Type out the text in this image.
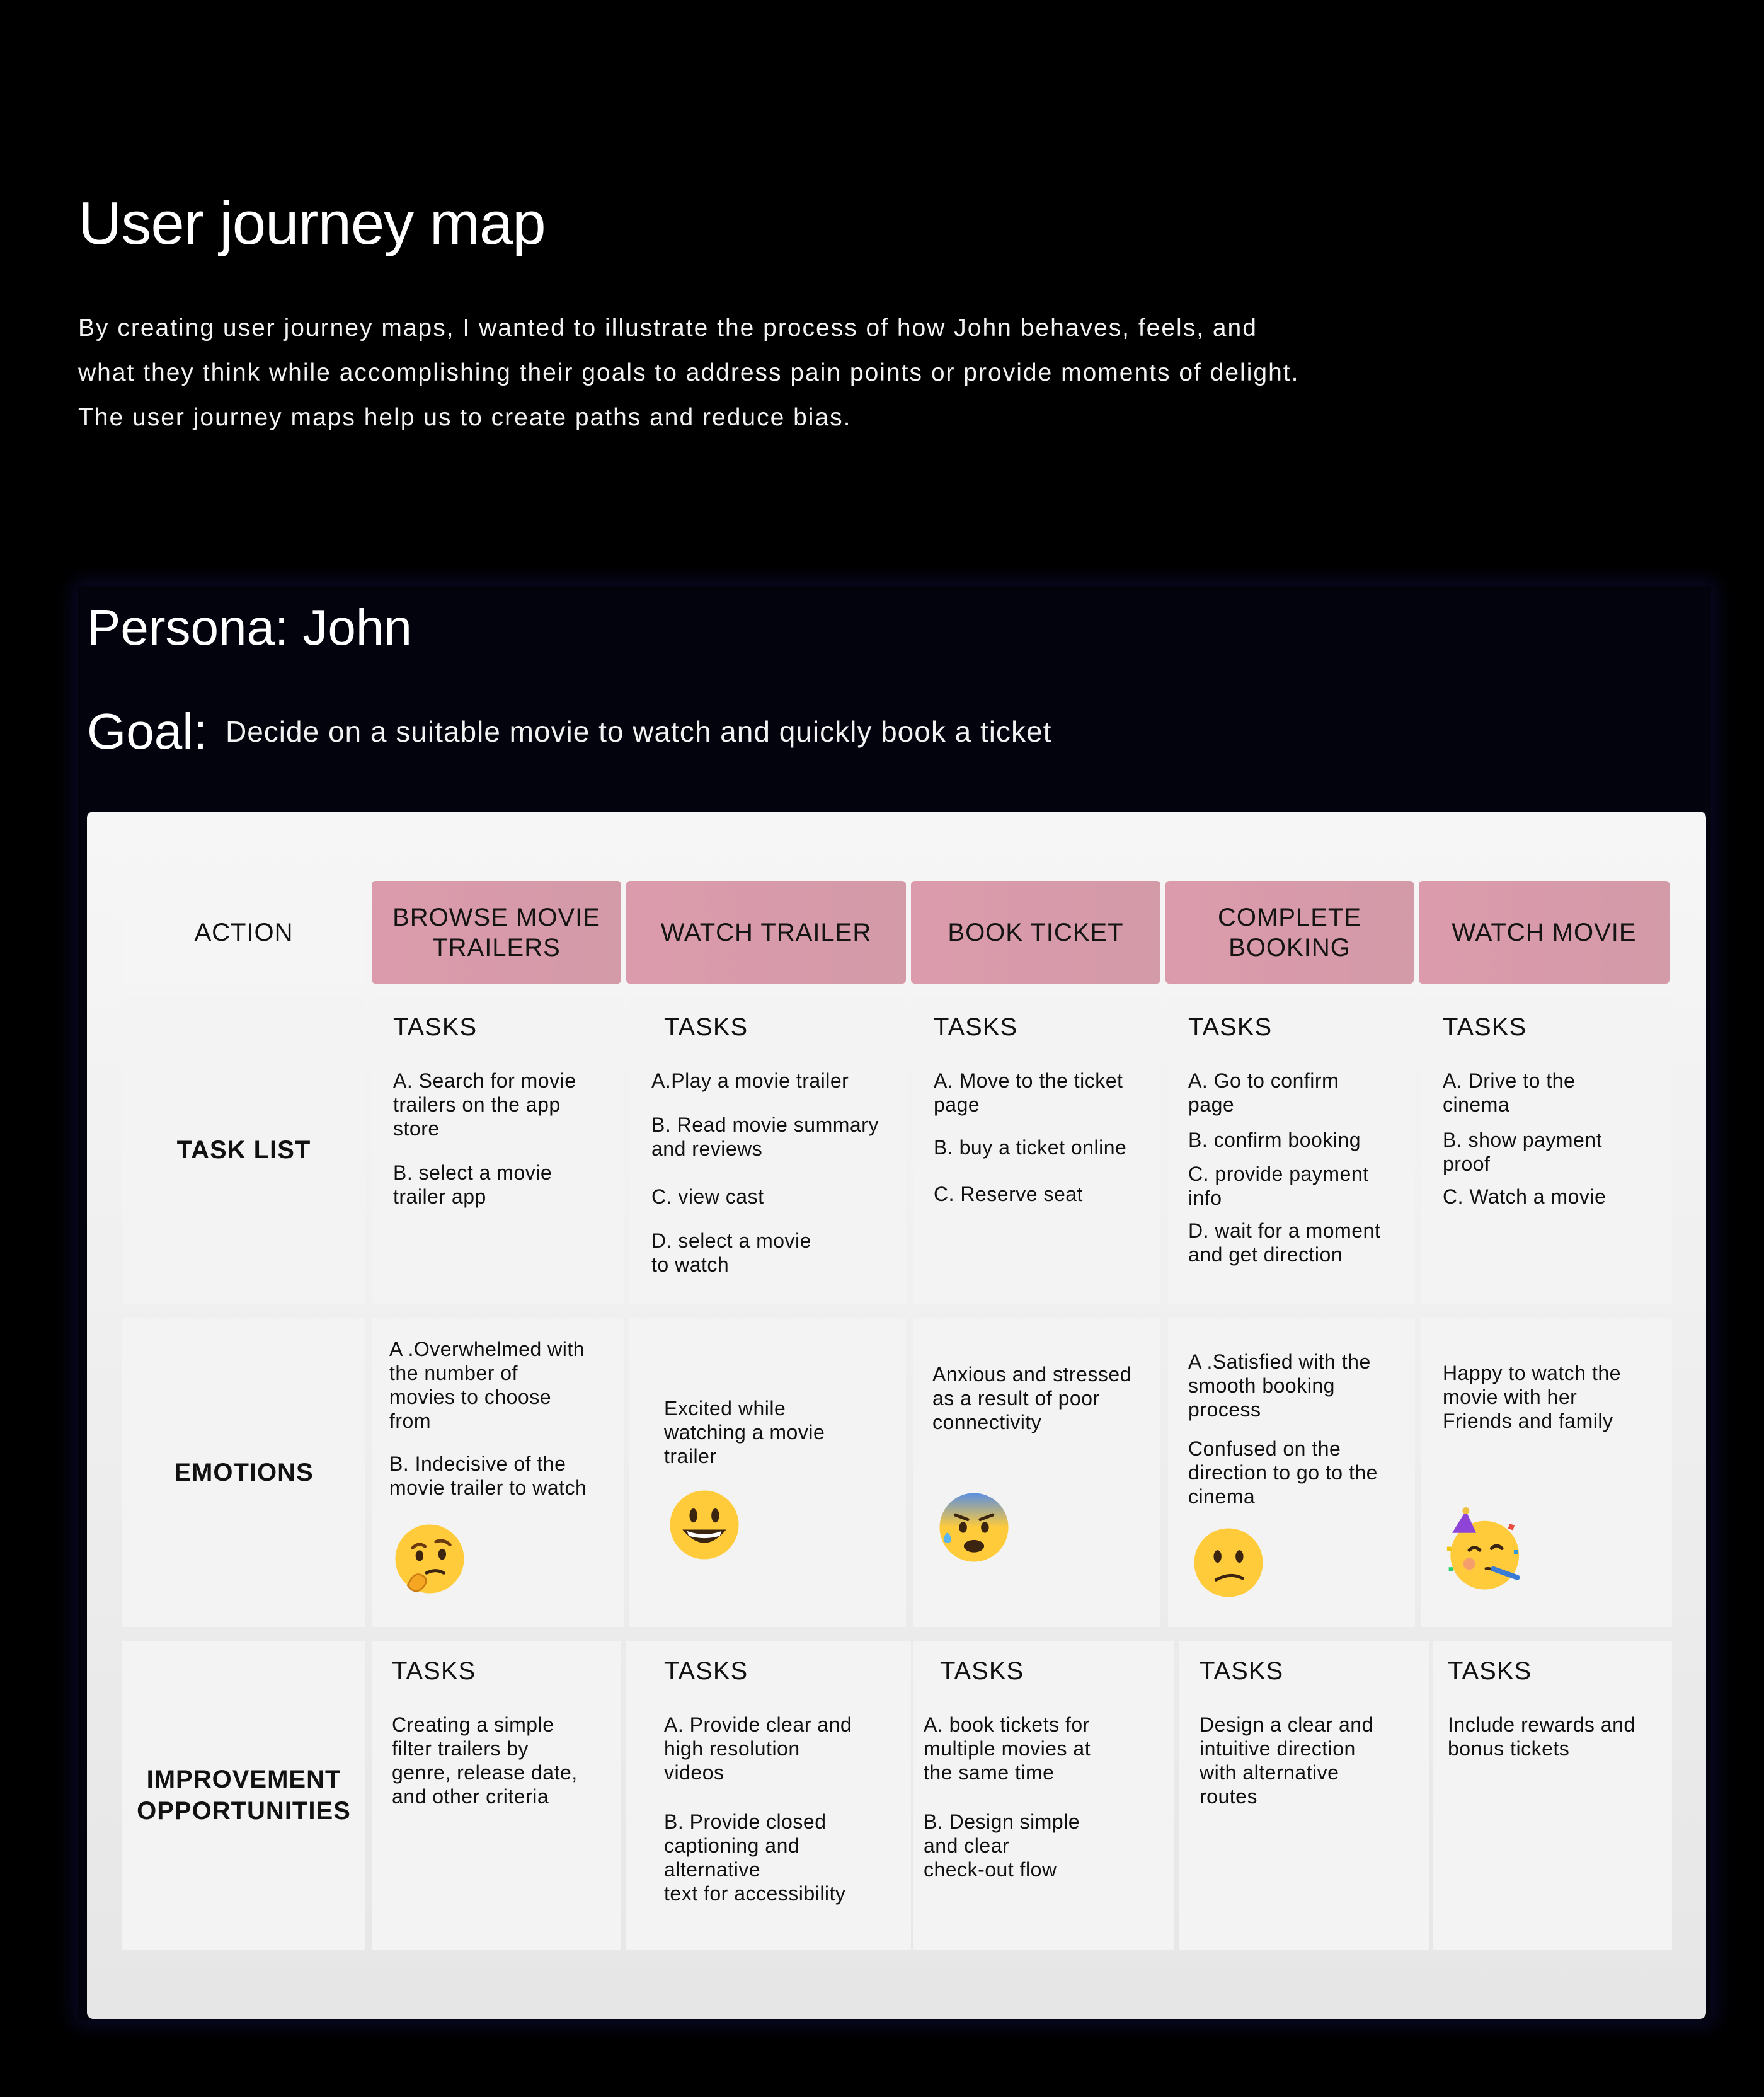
User journey map

By creating user journey maps, I wanted to illustrate the process of how John behaves, feels, and what they think while accomplishing their goals to address pain points or provide moments of delight. The user journey maps help us to create paths and reduce bias.

Persona: John
Goal: Decide on a suitable movie to watch and quickly book a ticket
ACTION
BROWSE MOVIE
TRAILERS
WATCH TRAILER	BOOK TICKET
COMPLETE
BOOKING
WATCH MOVIE
TASK LIST
TASKS
A. Search for movie
trailers on the app
store
B. select a movie
trailer app
TASKS
A.Play a movie trailer
B. Read movie summary
and reviews
C. view cast
D. select a movie
to watch
TASKS
A. Move to the ticket
page
B. buy a ticket online
C. Reserve seat
TASKS
A. Go to confirm
page
B. confirm booking
C. provide payment
info
D. wait for a moment
and get direction
TASKS
A. Drive to the
cinema
B. show payment
proof
C. Watch a movie
EMOTIONS
A .Overwhelmed with
the number of
movies to choose
from
B. Indecisive of the
movie trailer to watch
Excited while
watching a movie
trailer
Anxious and stressed
as a result of poor
connectivity
A .Satisfied with the
smooth booking
process
Confused on the
direction to go to the
cinema
Happy to watch the
movie with her
Friends and family
IMPROVEMENT
OPPORTUNITIES
TASKS
Creating a simple
filter trailers by
genre, release date,
and other criteria
TASKS
A. Provide clear and
high resolution
videos
B. Provide closed
captioning and
alternative
text for accessibility
TASKS
A. book tickets for
multiple movies at
the same time
B. Design simple
and clear
check-out flow
TASKS
Design a clear and
intuitive direction
with alternative
routes
TASKS
Include rewards and
bonus tickets
